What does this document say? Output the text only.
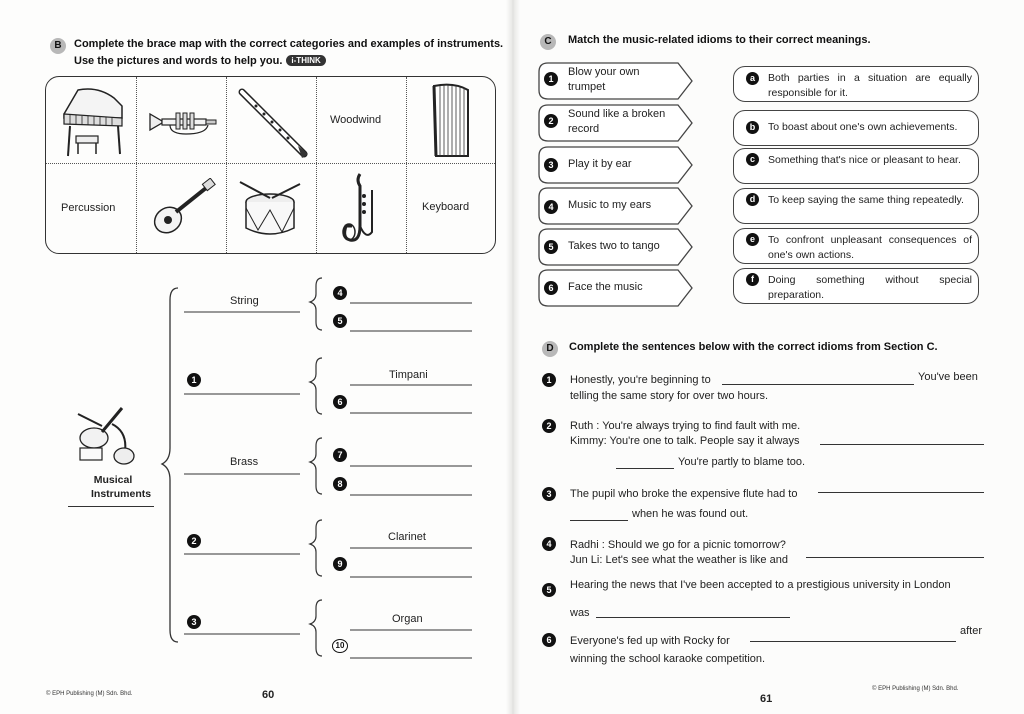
B	Complete the brace map with the correct categories and examples of instruments.
Use the pictures and words to help you. i-THINK
Woodwind
Percussion	Keyboard
Musical Instruments
String
Brass
Timpani
Clarinet
Organ
1
2
3
4
5
6
7
8
9
10
© EPH Publishing (M) Sdn. Bhd.	60
C	Match the music-related idioms to their correct meanings.
1
Blow your own trumpet
2
Sound like a broken record
3	Play it by ear
4	Music to my ears
5	Takes two to tango
6	Face the music
a	Both parties in a situation are equally responsible for it.
b	To boast about one's own achievements.
c	Something that's nice or pleasant to hear.
d	To keep saying the same thing repeatedly.
e	To confront unpleasant consequences of one's own actions.
f	Doing something without special preparation.
D	Complete the sentences below with the correct idioms from Section C.
1	Honestly, you're beginning to	You've been
telling the same story for over two hours.
2	Ruth : You're always trying to find fault with me.
Kimmy: You're one to talk. People say it always
You're partly to blame too.
3	The pupil who broke the expensive flute had to
when he was found out.
4	Radhi : Should we go for a picnic tomorrow?
Jun Li: Let's see what the weather is like and
5	Hearing the news that I've been accepted to a prestigious university in London
was
6	Everyone's fed up with Rocky for
after
winning the school karaoke competition.
61
© EPH Publishing (M) Sdn. Bhd.
